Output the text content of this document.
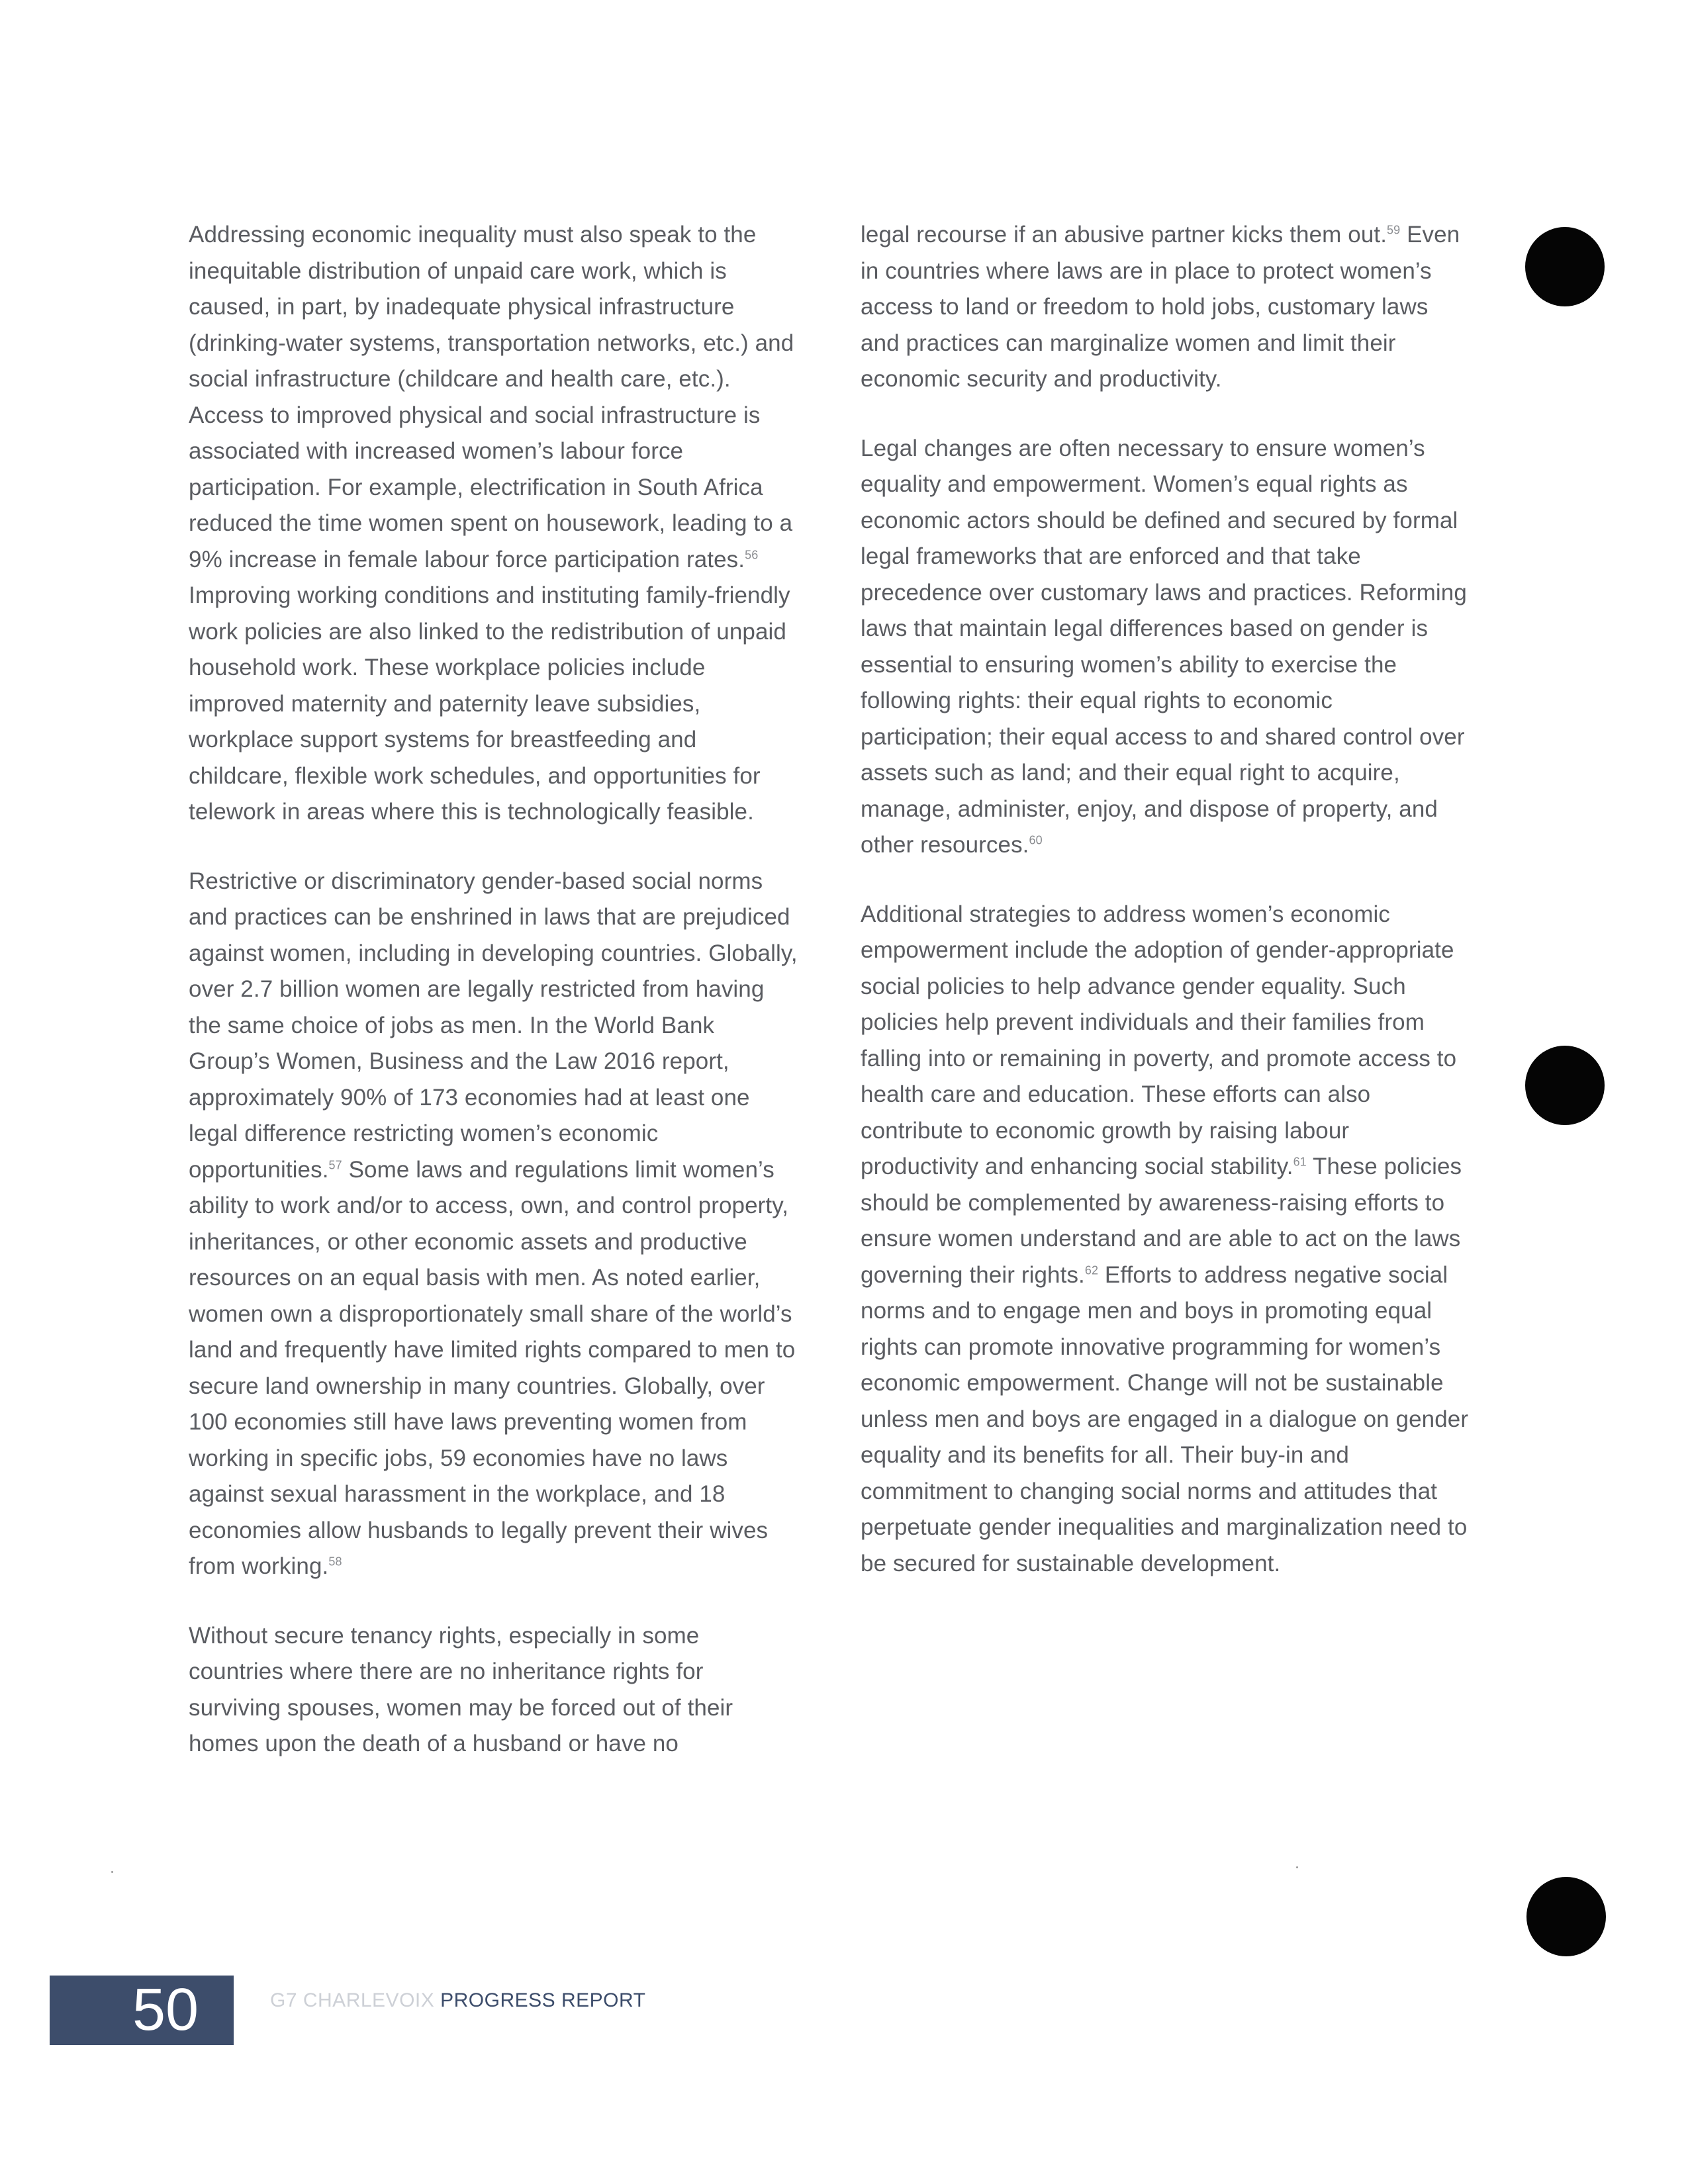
Addressing economic inequality must also speak to the inequitable distribution of unpaid care work, which is caused, in part, by inadequate physical infrastructure (drinking-water systems, transportation networks, etc.) and social infrastructure (childcare and health care, etc.). Access to improved physical and social infrastructure is associated with increased women’s labour force participation. For example, electrification in South Africa reduced the time women spent on housework, leading to a 9% increase in female labour force participation rates.$^{56}$ Improving working conditions and instituting family-friendly work policies are also linked to the redistribution of unpaid household work. These workplace policies include improved maternity and paternity leave subsidies, workplace support systems for breastfeeding and childcare, flexible work schedules, and opportunities for telework in areas where this is technologically feasible.

Restrictive or discriminatory gender-based social norms and practices can be enshrined in laws that are prejudiced against women, including in developing countries. Globally, over 2.7 billion women are legally restricted from having the same choice of jobs as men. In the World Bank Group’s Women, Business and the Law 2016 report, approximately 90% of 173 economies had at least one legal difference restricting women’s economic opportunities.$^{57}$ Some laws and regulations limit women’s ability to work and/or to access, own, and control property, inheritances, or other economic assets and productive resources on an equal basis with men. As noted earlier, women own a disproportionately small share of the world’s land and frequently have limited rights compared to men to secure land ownership in many countries. Globally, over 100 economies still have laws preventing women from working in specific jobs, 59 economies have no laws against sexual harassment in the workplace, and 18 economies allow husbands to legally prevent their wives from working.$^{58}$

Without secure tenancy rights, especially in some countries where there are no inheritance rights for surviving spouses, women may be forced out of their homes upon the death of a husband or have no

legal recourse if an abusive partner kicks them out.$^{59}$ Even in countries where laws are in place to protect women’s access to land or freedom to hold jobs, customary laws and practices can marginalize women and limit their economic security and productivity.

Legal changes are often necessary to ensure women’s equality and empowerment. Women’s equal rights as economic actors should be defined and secured by formal legal frameworks that are enforced and that take precedence over customary laws and practices. Reforming laws that maintain legal differences based on gender is essential to ensuring women’s ability to exercise the following rights: their equal rights to economic participation; their equal access to and shared control over assets such as land; and their equal right to acquire, manage, administer, enjoy, and dispose of property, and other resources.$^{60}$

Additional strategies to address women’s economic empowerment include the adoption of gender-appropriate social policies to help advance gender equality. Such policies help prevent individuals and their families from falling into or remaining in poverty, and promote access to health care and education. These efforts can also contribute to economic growth by raising labour productivity and enhancing social stability.$^{61}$ These policies should be complemented by awareness-raising efforts to ensure women understand and are able to act on the laws governing their rights.$^{62}$ Efforts to address negative social norms and to engage men and boys in promoting equal rights can promote innovative programming for women’s economic empowerment. Change will not be sustainable unless men and boys are engaged in a dialogue on gender equality and its benefits for all. Their buy-in and commitment to changing social norms and attitudes that perpetuate gender inequalities and marginalization need to be secured for sustainable development.

50	G7 CHARLEVOIX PROGRESS REPORT
